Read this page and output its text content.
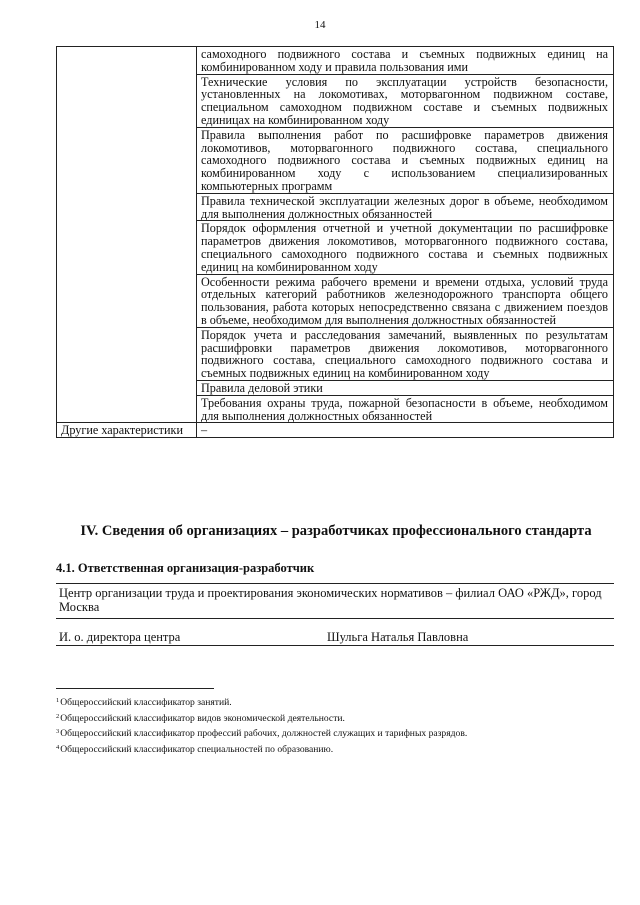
14
	самоходного подвижного состава и съемных подвижных единиц на комбинированном ходу и правила пользования ими
	Технические условия по эксплуатации устройств безопасности, установленных на локомотивах, моторвагонном подвижном составе, специальном самоходном подвижном составе и съемных подвижных единицах на комбинированном ходу
	Правила выполнения работ по расшифровке параметров движения локомотивов, моторвагонного подвижного состава, специального самоходного подвижного состава и съемных подвижных единиц на комбинированном ходу с использованием специализированных компьютерных программ
	Правила технической эксплуатации железных дорог в объеме, необходимом для выполнения должностных обязанностей
	Порядок оформления отчетной и учетной документации по расшифровке параметров движения локомотивов, моторвагонного подвижного состава, специального самоходного подвижного состава и съемных подвижных единиц на комбинированном ходу
	Особенности режима рабочего времени и времени отдыха, условий труда отдельных категорий работников железнодорожного транспорта общего пользования, работа которых непосредственно связана с движением поездов в объеме, необходимом для выполнения должностных обязанностей
	Порядок учета и расследования замечаний, выявленных по результатам расшифровки параметров движения локомотивов, моторвагонного подвижного состава, специального самоходного подвижного состава и съемных подвижных единиц на комбинированном ходу
	Правила деловой этики
	Требования охраны труда, пожарной безопасности в объеме, необходимом для выполнения должностных обязанностей
Другие характеристики	–
IV. Сведения об организациях – разработчиках профессионального стандарта
4.1. Ответственная организация-разработчик
Центр организации труда и проектирования экономических нормативов – филиал ОАО «РЖД», город Москва
И. о. директора центра	Шульга Наталья Павловна
$^1$Общероссийский классификатор занятий.
$^2$Общероссийский классификатор видов экономической деятельности.
$^3$Общероссийский классификатор профессий рабочих, должностей служащих и тарифных разрядов.
$^4$Общероссийский классификатор специальностей по образованию.
